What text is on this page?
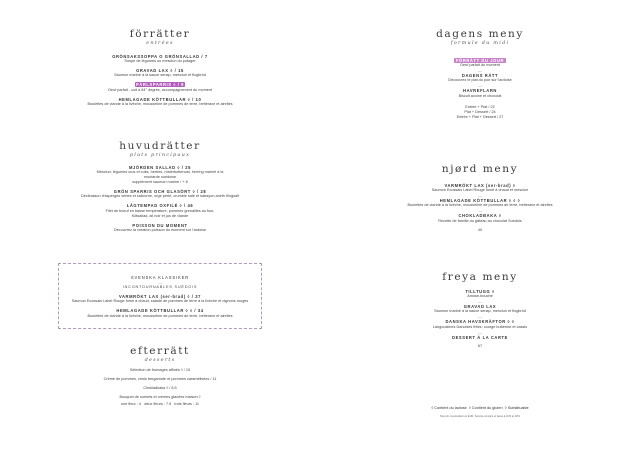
förrätter
entrées
GRÖNSAKSSOPPA O GRÖNSALLAD / 7
Soupe de légumes ou mesclun du potager
GRAVAD LAX ◊ / 15
Saumon mariné à la sauce senap, mesclun et flogbröd
PÄRLSPARRIS ◊ / 9
Oeuf parfait - cuit à 64° degrés, accompagnement du moment
HEMLAGADE KÖTTBULLAR ◊ / 10
Boulettes de viande à la livèche, mousseline de pommes de terre, betterave et airelles
huvudrätter
plats principaux
MJÖRDEN SALLAD ◊ / 25
Mesclun, légumes crus et cuits, herbes, rösterbottenost, herring mariné à la moutarde suédoise
supplément saumon mariné / + 8
GRÖN SPARRIS OCH GLASÖRT ◊ / 28
Déclinaison d'asperges vertes et salicorne, orge perlé, crumble salé et sabayon aneth flingsalt
LÅGTEMPAD OXFILÉ ◊ / 46
Filet de boeuf en basse température, pommes grenailles au four, Kötsallad, ail noir et jus de viande
POISSON DU MOMENT
Découvrez la création poisson du moment sur l'ardoise
SVENSKA KLASSIKER
—
INCONTOURNABLES SUÉDOIS
VARMRÖKT LAX (ser-brad) ◊ / 37
Saumon Ecossais Label Rouge fumé à chaud, salade de pommes de terre à la livèche et oignons rouges
HEMLAGADE KÖTTBULLAR ◊ ◊ / 34
Boulettes de viande à la livèche, mousseline de pommes de terre, betterave et airelles
efterrätt
desserts
Sélection de fromages affinés ◊ / 15
Crème de pommes, crinis bergamote et pommes caramélisées / 11
Chokladkaka ◊ / 8.5
Bouquet de sorbets et crèmes glacées maison ◊
une fleur : 4 deux fleurs : 7.5 trois fleurs : 11
dagens meny
formule du midi
FÖRRÄTT DU JOUR
Oeuf parfait du moment
—
DAGENS RÄTT
Découvrez le plat du jour sur l'ardoise
—
HAVREFLARN
Biscuit avoine et chocolat
Entrée + Plat / 22
Plat + Dessert / 24
Entrée + Plat + Dessert / 27
njørd meny
VARMRÖKT LAX (ser-brad) ◊
Saumon Ecossais Label Rouge fumé à chaud et mesclun
—
HEMLAGADE KÖTTBULLAR ◊ ◊ ◊
Boulettes de viande à la livèche, mousseline de pommes de terre, betterave et airelles
—
CHOKLADBAKA ◊
Recette de famille du gâteau au chocolat Suédois
40
freya meny
TILLTUGG ◊
Amuse-bouche
—
GRAVAD LAX
Saumon mariné à la sauce senap, mesclun et flogbröd
—
DANSKA HAVSKRÄFTOR ◊ ◊
Langoustines Danoises frites, courge butternut et cassis
—
DESSERT À LA CARTE
67
◊ Contient du lactose ◊ Contient du gluten ◊ Substituable
Nos prix s'entendent en EUR. Service compris et taxes à 10% et 20%
